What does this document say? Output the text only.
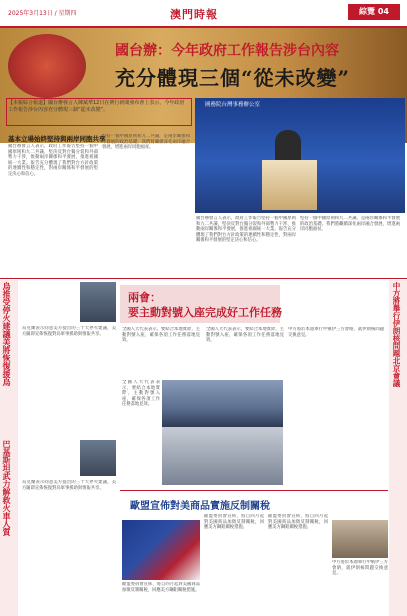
2025年3月13日 / 星期四	澳門時報	綜覽 04
國台辦：今年政府工作報告涉台內容
充分體現三個“從未改變”
【本報綜合報道】國台辦發言人陳斌華12日在例行新聞發布會上表示，今年政府工作報告涉台內容充分體現三個“從未改變”。
國務院台灣事務辦公室
基本立場始終堅持與兩岸同胞共享
國台辦發言人表示，政府工作報告堅持一個中國原則和九二共識，堅決反對台獨分裂和外部勢力干涉，推動兩岸關係和平發展，推進祖國統一大業。報告充分體現了我們對台方針政策的連續性和穩定性，對兩岸關係和平發展的堅定決心和信心。
堅持一個中國原則和九二共識，是兩岸關係和平發展的政治基礎。我們將繼續深化兩岸融合發展，增進兩岸同胞福祉。
國台辦發言人表示，政府工作報告堅持一個中國原則和九二共識，堅決反對台獨分裂和外部勢力干涉，推動兩岸關係和平發展，推進祖國統一大業。報告充分體現了我們對台方針政策的連續性和穩定性，對兩岸關係和平發展的堅定決心和信心。
堅持一個中國原則和九二共識，是兩岸關係和平發展的政治基礎。我們將繼續深化兩岸融合發展，增進兩岸同胞福祉。
烏推受停火建議美將恢復援烏
巴基斯坦武力解救火車人質
烏克蘭表示同意美方提出的三十天停火建議，美方隨即宣佈恢復對烏軍事援助與情報共享。
烏克蘭表示同意美方提出的三十天停火建議，美方隨即宣佈恢復對烏軍事援助與情報共享。
兩會：
要主動對號入座完成好工作任務
全國人大代表表示，要結合本地實際，主動對號入座，確保各項工作任務落地見效。
全國人大代表表示，要結合本地實際，主動對號入座，確保各項工作任務落地見效。
全國人大代表表示，要結合本地實際，主動對號入座，確保各項工作任務落地見效。
中方將於本週舉行中俄伊三方會晤，就伊朗核問題交換意見。	中方將舉行伊朗核問題北京會議
歐盟宣佈對美商品實施反制關稅
歐盟委員會宣佈，將自四月起對美國商品加徵反制關稅，回應美方鋼鋁關稅措施。
歐盟委員會宣佈，將自四月起對美國商品加徵反制關稅，回應美方鋼鋁關稅措施。
歐盟委員會宣佈，將自四月起對美國商品加徵反制關稅，回應美方鋼鋁關稅措施。
中方將於本週舉行中俄伊三方會晤，就伊朗核問題交換意見。
